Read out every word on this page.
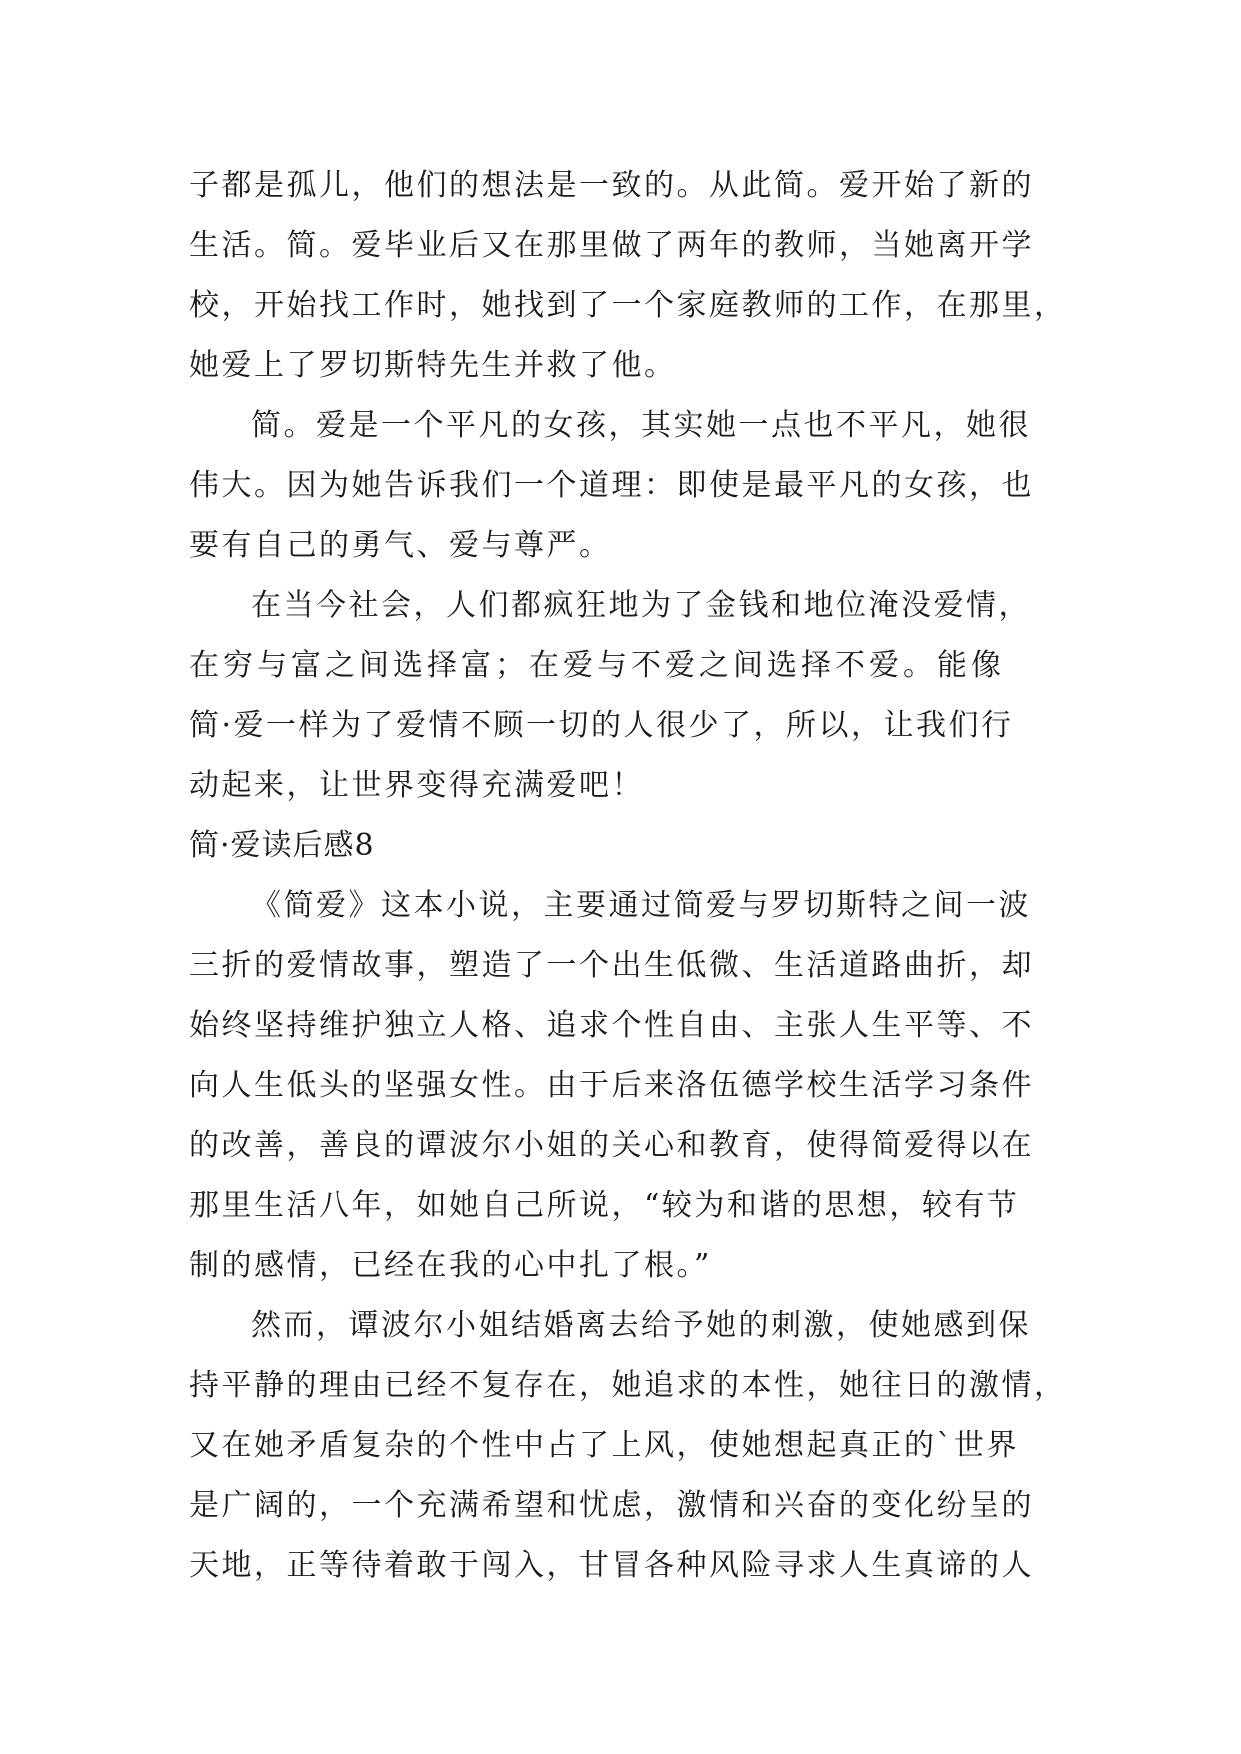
子都是孤儿，他们的想法是一致的。从此简。爱开始了新的
生活。简。爱毕业后又在那里做了两年的教师，当她离开学
校，开始找工作时，她找到了一个家庭教师的工作，在那里，
她爱上了罗切斯特先生并救了他。
简。爱是一个平凡的女孩，其实她一点也不平凡，她很
伟大。因为她告诉我们一个道理：即使是最平凡的女孩，也
要有自己的勇气、爱与尊严。
在当今社会，人们都疯狂地为了金钱和地位淹没爱情，
在穷与富之间选择富；在爱与不爱之间选择不爱。能像
简·爱一样为了爱情不顾一切的人很少了，所以，让我们行
动起来，让世界变得充满爱吧！
简·爱读后感8
《简爱》这本小说，主要通过简爱与罗切斯特之间一波
三折的爱情故事，塑造了一个出生低微、生活道路曲折，却
始终坚持维护独立人格、追求个性自由、主张人生平等、不
向人生低头的坚强女性。由于后来洛伍德学校生活学习条件
的改善，善良的谭波尔小姐的关心和教育，使得简爱得以在
那里生活八年，如她自己所说，“较为和谐的思想，较有节
制的感情，已经在我的心中扎了根。”
然而，谭波尔小姐结婚离去给予她的刺激，使她感到保
持平静的理由已经不复存在，她追求的本性，她往日的激情，
又在她矛盾复杂的个性中占了上风，使她想起真正的`世界
是广阔的，一个充满希望和忧虑，激情和兴奋的变化纷呈的
天地，正等待着敢于闯入，甘冒各种风险寻求人生真谛的人
